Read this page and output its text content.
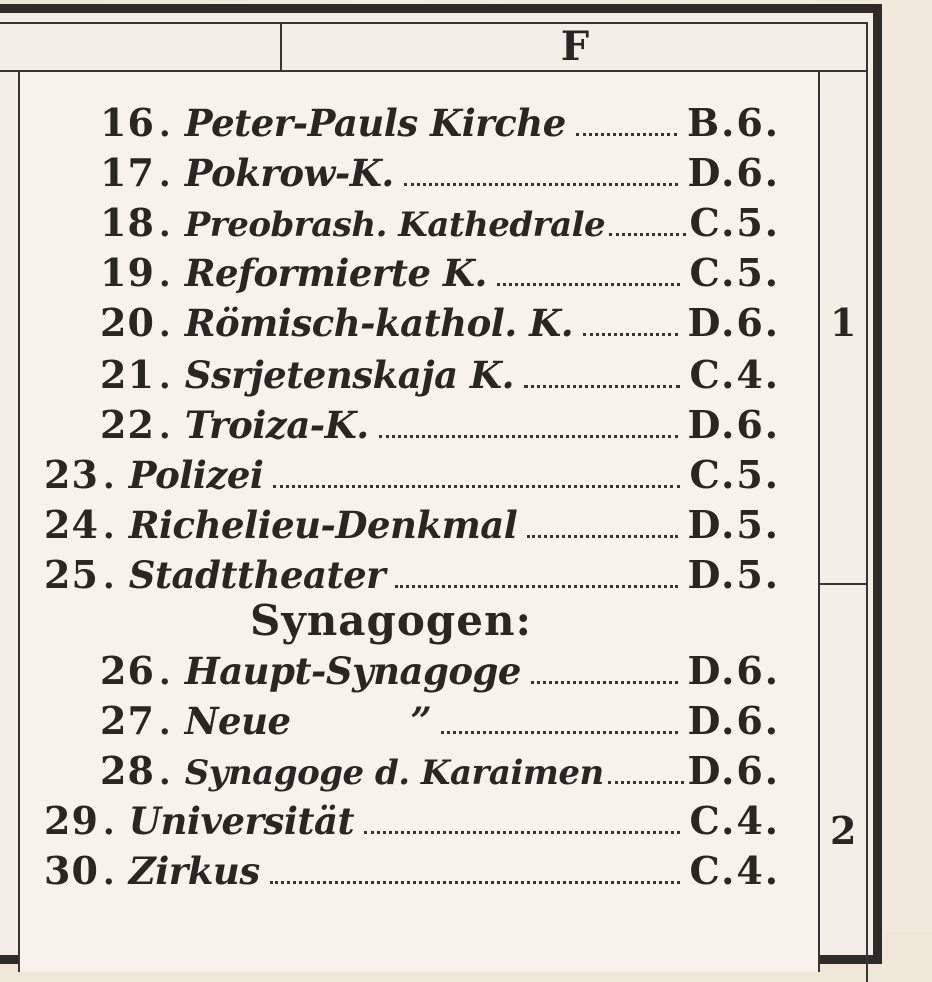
F
1
2
16 . Peter-Pauls Kirche	B.6.
17 . Pokrow-K.	D.6.
18 . Preobrash. Kathedrale C.5.
19 . Reformierte K.	C.5.
20 . Römisch-kathol. K.	D.6.
21 . Ssrjetenskaja K.	C.4.
22 . Troiza-K.	D.6.
23 . Polizei	C.5.
24 . Richelieu-Denkmal	D.5.
25 . Stadttheater	D.5.
Synagogen:
26 . Haupt-Synagoge	D.6.
27 . Neue	”	D.6.
28 . Synagoge d. Karaimen D.6.
29 . Universität	C.4.
30 . Zirkus	C.4.
